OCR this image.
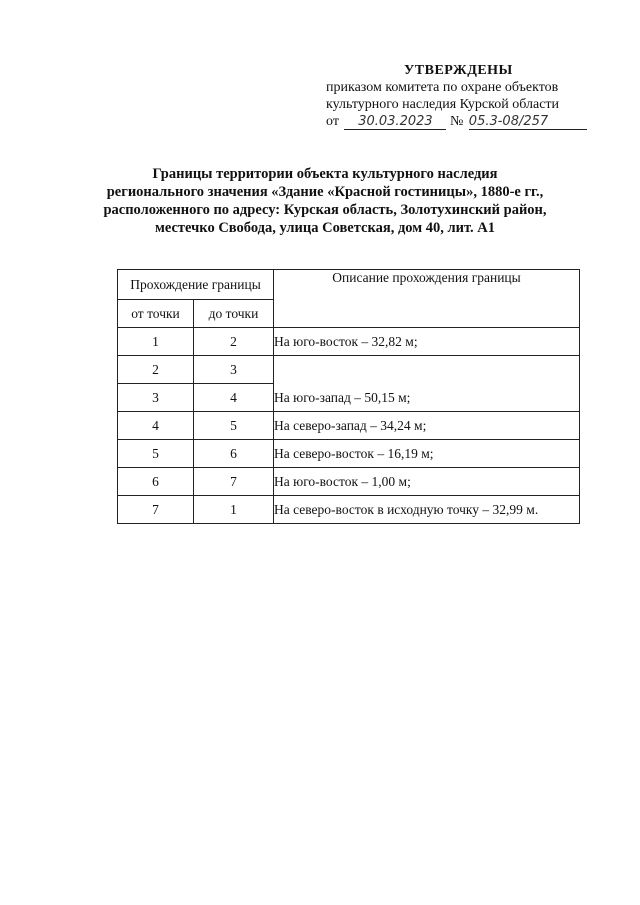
УТВЕРЖДЕНЫ
приказом комитета по охране объектов
культурного наследия Курской области
от 30.03.2023 № 05.3-08/257
Границы территории объекта культурного наследия
регионального значения «Здание «Красной гостиницы», 1880-е гг.,
расположенного по адресу: Курская область, Золотухинский район,
местечко Свобода, улица Советская, дом 40, лит. А1
Прохождение границы		Описание прохождения границы
от точки	до точки	
1	2	На юго-восток – 32,82 м;
2	3	На юго-запад – 50,15 м;
3	4	
4	5	На северо-запад – 34,24 м;
5	6	На северо-восток – 16,19 м;
6	7	На юго-восток – 1,00 м;
7	1	На северо-восток в исходную точку – 32,99 м.
